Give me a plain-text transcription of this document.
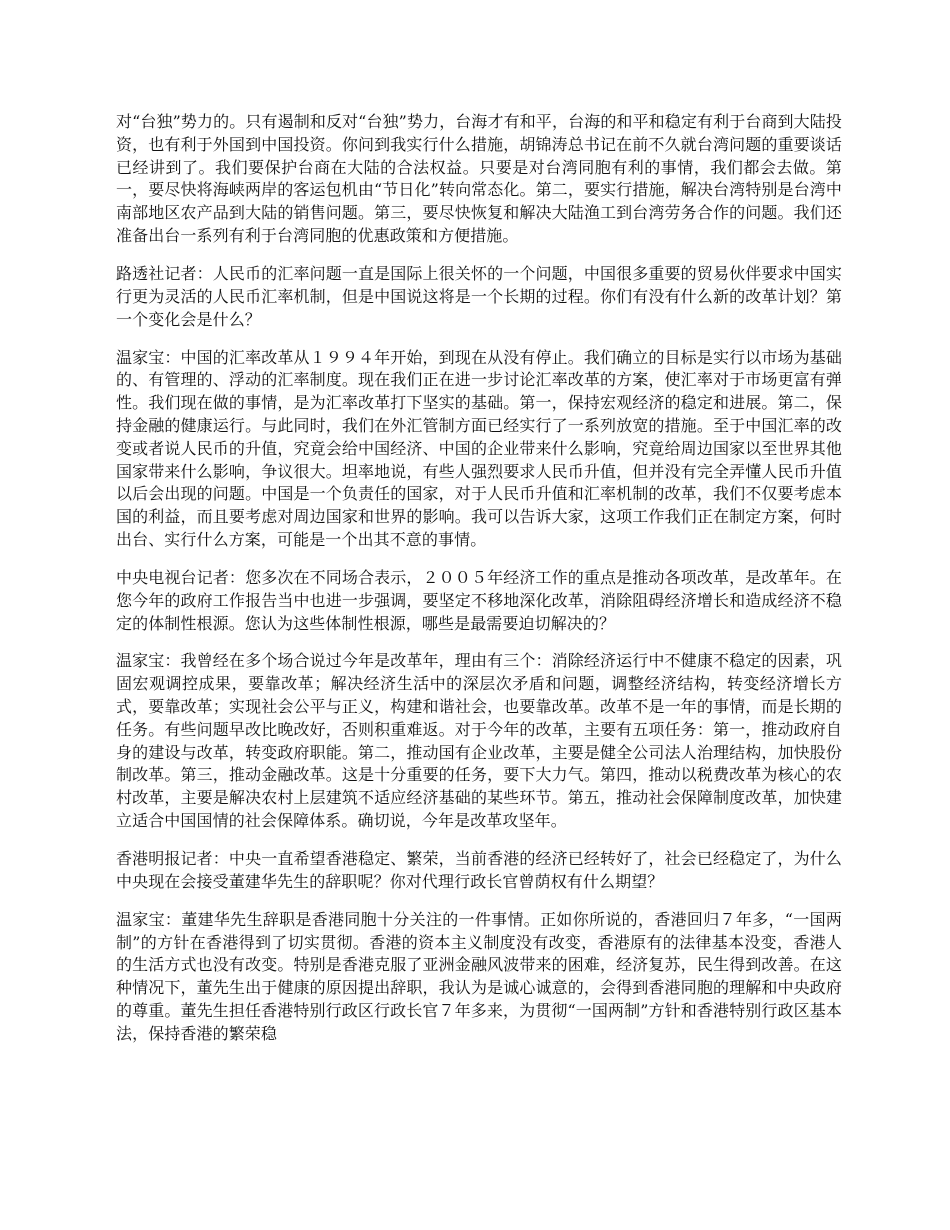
对“台独”势力的。只有遏制和反对“台独”势力，台海才有和平，台海的和平和稳定有利于台商到大陆投资，也有利于外国到中国投资。你问到我实行什么措施，胡锦涛总书记在前不久就台湾问题的重要谈话已经讲到了。我们要保护台商在大陆的合法权益。只要是对台湾同胞有利的事情，我们都会去做。第一，要尽快将海峡两岸的客运包机由“节日化”转向常态化。第二，要实行措施，解决台湾特别是台湾中南部地区农产品到大陆的销售问题。第三，要尽快恢复和解决大陆渔工到台湾劳务合作的问题。我们还准备出台一系列有利于台湾同胞的优惠政策和方便措施。

路透社记者：人民币的汇率问题一直是国际上很关怀的一个问题，中国很多重要的贸易伙伴要求中国实行更为灵活的人民币汇率机制，但是中国说这将是一个长期的过程。你们有没有什么新的改革计划？第一个变化会是什么？

温家宝：中国的汇率改革从１９９４年开始，到现在从没有停止。我们确立的目标是实行以市场为基础的、有管理的、浮动的汇率制度。现在我们正在进一步讨论汇率改革的方案，使汇率对于市场更富有弹性。我们现在做的事情，是为汇率改革打下坚实的基础。第一，保持宏观经济的稳定和进展。第二，保持金融的健康运行。与此同时，我们在外汇管制方面已经实行了一系列放宽的措施。至于中国汇率的改变或者说人民币的升值，究竟会给中国经济、中国的企业带来什么影响，究竟给周边国家以至世界其他国家带来什么影响，争议很大。坦率地说，有些人强烈要求人民币升值，但并没有完全弄懂人民币升值以后会出现的问题。中国是一个负责任的国家，对于人民币升值和汇率机制的改革，我们不仅要考虑本国的利益，而且要考虑对周边国家和世界的影响。我可以告诉大家，这项工作我们正在制定方案，何时出台、实行什么方案，可能是一个出其不意的事情。

中央电视台记者：您多次在不同场合表示，２００５年经济工作的重点是推动各项改革，是改革年。在您今年的政府工作报告当中也进一步强调，要坚定不移地深化改革，消除阻碍经济增长和造成经济不稳定的体制性根源。您认为这些体制性根源，哪些是最需要迫切解决的？

温家宝：我曾经在多个场合说过今年是改革年，理由有三个：消除经济运行中不健康不稳定的因素，巩固宏观调控成果，要靠改革；解决经济生活中的深层次矛盾和问题，调整经济结构，转变经济增长方式，要靠改革；实现社会公平与正义，构建和谐社会，也要靠改革。改革不是一年的事情，而是长期的任务。有些问题早改比晚改好，否则积重难返。对于今年的改革，主要有五项任务：第一，推动政府自身的建设与改革，转变政府职能。第二，推动国有企业改革，主要是健全公司法人治理结构，加快股份制改革。第三，推动金融改革。这是十分重要的任务，要下大力气。第四，推动以税费改革为核心的农村改革，主要是解决农村上层建筑不适应经济基础的某些环节。第五，推动社会保障制度改革，加快建立适合中国国情的社会保障体系。确切说，今年是改革攻坚年。

香港明报记者：中央一直希望香港稳定、繁荣，当前香港的经济已经转好了，社会已经稳定了，为什么中央现在会接受董建华先生的辞职呢？你对代理行政长官曾荫权有什么期望？

温家宝：董建华先生辞职是香港同胞十分关注的一件事情。正如你所说的，香港回归７年多，“一国两制”的方针在香港得到了切实贯彻。香港的资本主义制度没有改变，香港原有的法律基本没变，香港人的生活方式也没有改变。特别是香港克服了亚洲金融风波带来的困难，经济复苏，民生得到改善。在这种情况下，董先生出于健康的原因提出辞职，我认为是诚心诚意的，会得到香港同胞的理解和中央政府的尊重。董先生担任香港特别行政区行政长官７年多来，为贯彻“一国两制”方针和香港特别行政区基本法，保持香港的繁荣稳
